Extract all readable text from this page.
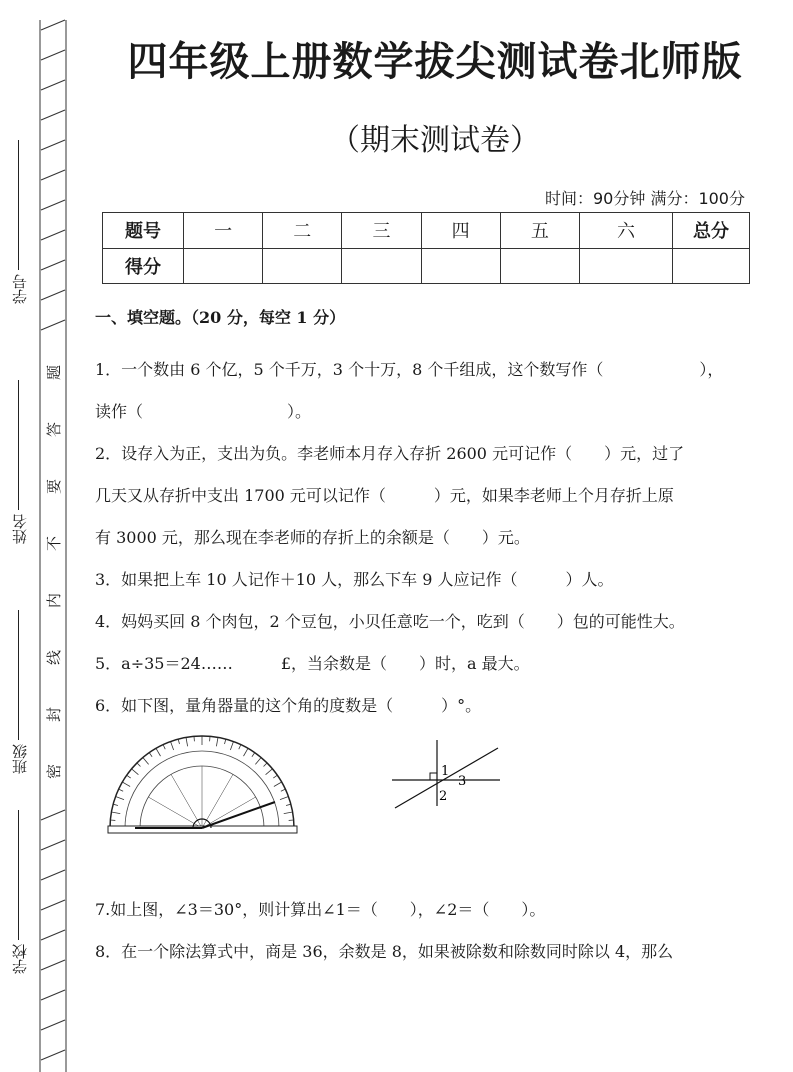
学号
姓名
班级
学校
题
答
要
不
内
线
封
密
四年级上册数学拔尖测试卷北师版
（期末测试卷）
时间：90分钟 满分：100分
题号	一	二	三	四	五	六	总分
得分							
一、填空题。（20 分，每空 1 分）
1．一个数由 6 个亿，5 个千万，3 个十万，8 个千组成，这个数写作（　　　　　　），
读作（　　　　　　　　　）。
2．设存入为正，支出为负。李老师本月存入存折 2600 元可记作（　　）元，过了
几天又从存折中支出 1700 元可以记作（　　　）元，如果李老师上个月存折上原
有 3000 元，那么现在李老师的存折上的余额是（　　）元。
3．如果把上车 10 人记作＋10 人，那么下车 9 人应记作（　　　）人。
4．妈妈买回 8 个肉包，2 个豆包，小贝任意吃一个，吃到（　　）包的可能性大。
5．a÷35＝24……　　　£，当余数是（　　）时，a 最大。
6．如下图，量角器量的这个角的度数是（　　　）°。
1
3
2
7.如上图，∠3＝30°，则计算出∠1＝（　　），∠2＝（　　）。
8．在一个除法算式中，商是 36，余数是 8，如果被除数和除数同时除以 4，那么
